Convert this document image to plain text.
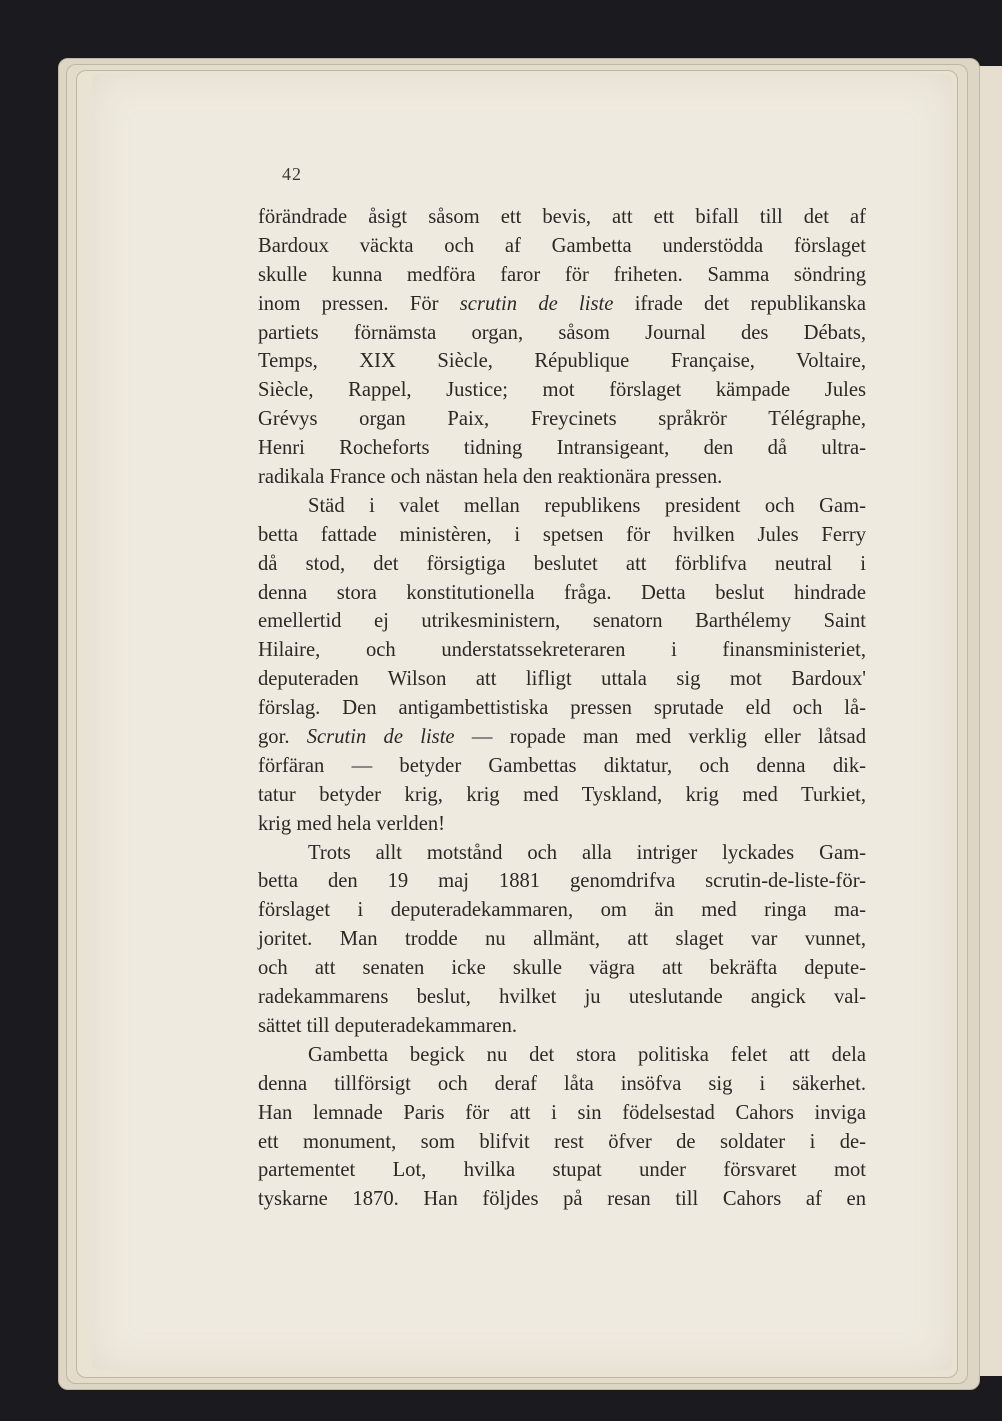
42
förändrade åsigt såsom ett bevis, att ett bifall till det af
Bardoux väckta och af Gambetta understödda förslaget
skulle kunna medföra faror för friheten. Samma söndring
inom pressen. För scrutin de liste ifrade det republikanska
partiets förnämsta organ, såsom Journal des Débats,
Temps, XIX Siècle, République Française, Voltaire,
Siècle, Rappel, Justice; mot förslaget kämpade Jules
Grévys organ Paix, Freycinets språkrör Télégraphe,
Henri Rocheforts tidning Intransigeant, den då ultra-
radikala France och nästan hela den reaktionära pressen.
Städ i valet mellan republikens president och Gam-
betta fattade ministèren, i spetsen för hvilken Jules Ferry
då stod, det försigtiga beslutet att förblifva neutral i
denna stora konstitutionella fråga. Detta beslut hindrade
emellertid ej utrikesministern, senatorn Barthélemy Saint
Hilaire, och understatssekreteraren i finansministeriet,
deputeraden Wilson att lifligt uttala sig mot Bardoux'
förslag. Den antigambettistiska pressen sprutade eld och lå-
gor. Scrutin de liste — ropade man med verklig eller låtsad
förfäran — betyder Gambettas diktatur, och denna dik-
tatur betyder krig, krig med Tyskland, krig med Turkiet,
krig med hela verlden!
Trots allt motstånd och alla intriger lyckades Gam-
betta den 19 maj 1881 genomdrifva scrutin-de-liste-för-
förslaget i deputeradekammaren, om än med ringa ma-
joritet. Man trodde nu allmänt, att slaget var vunnet,
och att senaten icke skulle vägra att bekräfta depute-
radekammarens beslut, hvilket ju uteslutande angick val-
sättet till deputeradekammaren.
Gambetta begick nu det stora politiska felet att dela
denna tillförsigt och deraf låta insöfva sig i säkerhet.
Han lemnade Paris för att i sin födelsestad Cahors inviga
ett monument, som blifvit rest öfver de soldater i de-
partementet Lot, hvilka stupat under försvaret mot
tyskarne 1870. Han följdes på resan till Cahors af en
